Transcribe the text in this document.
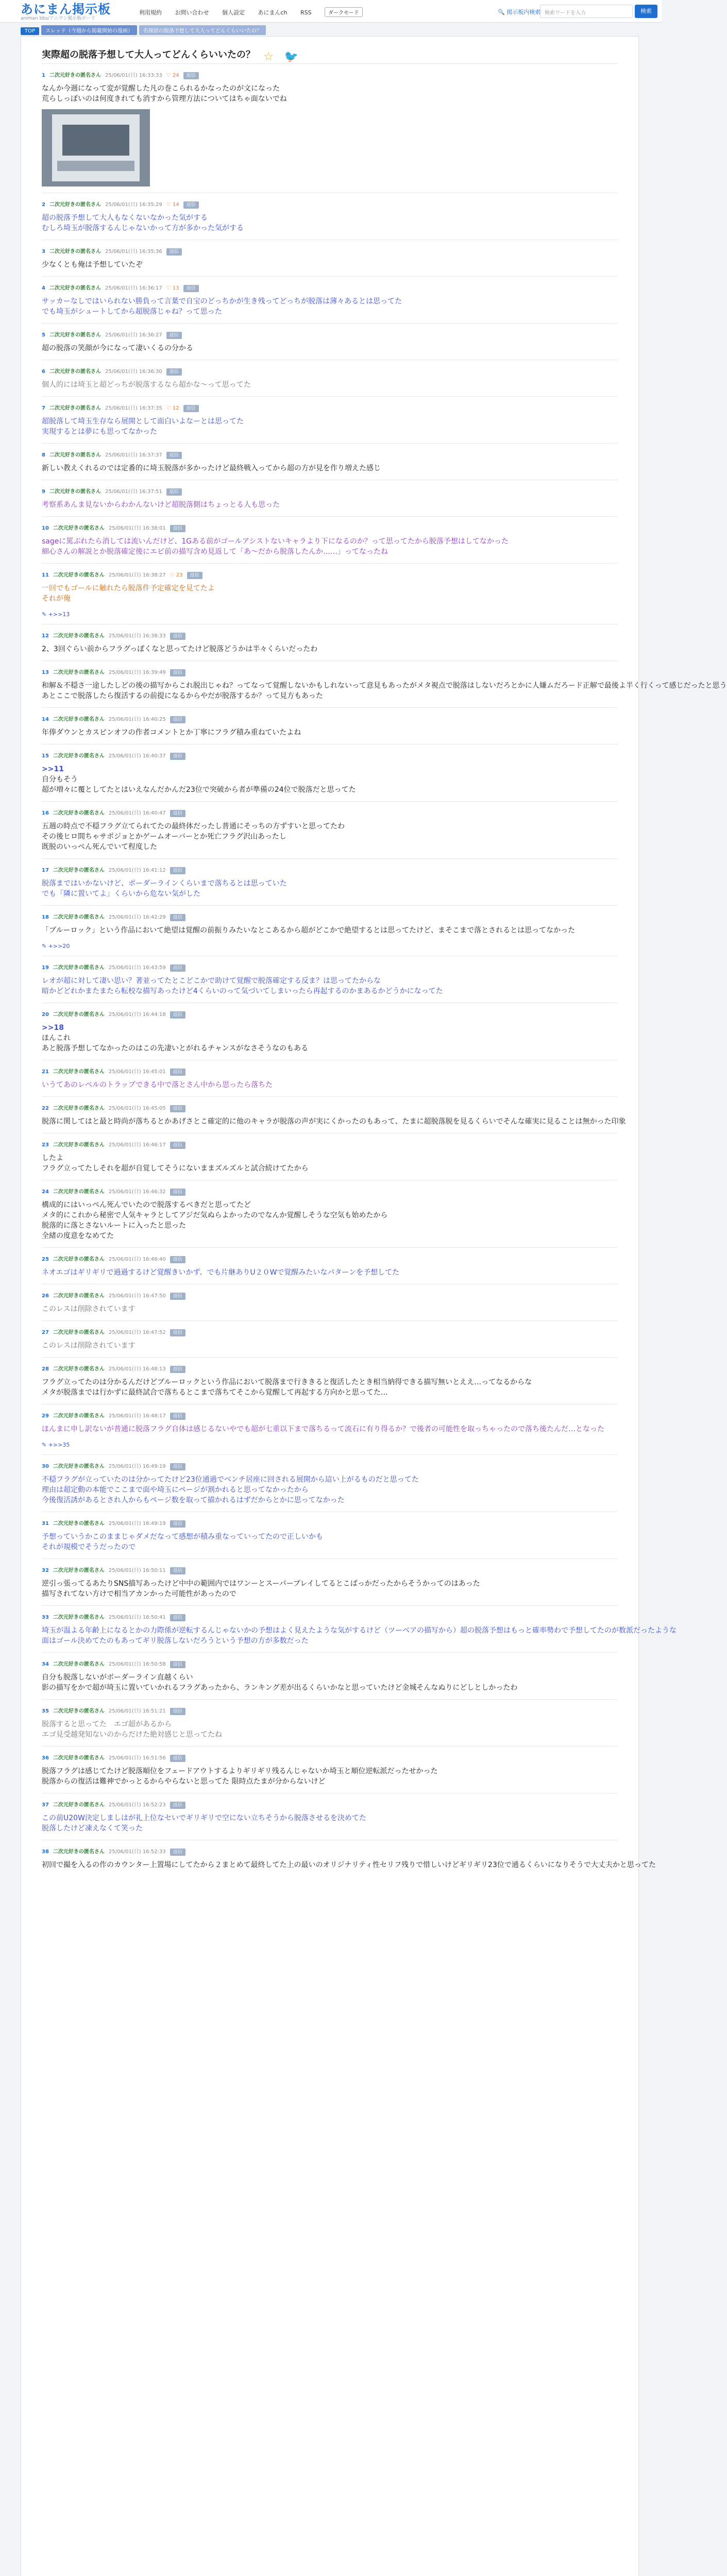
あにまん掲示板
animan bbs/アニマン掲示板ボード
利用規約 お問い合わせ 個人設定 あにまんch RSS	ダークモード	🔍 掲示板内検索 検索ワードを入力	検索
TOP スレッド（今週から掲載開始の漫画） 名探偵の脱落予想して大人ってどんくらいいたの？
実際超の脱落予想して大人ってどんくらいいたの？ ☆ 🐦
1 二次元好きの匿名さん 25/06/01(日) 16:33:33 ♡ 24 返信
なんか今週になって変が覚醒した凡の巻こられるかなったのが文になった
荒らしっぽいのは何度きれても消すから管理方法についてはちゃ面ないでね
2 二次元好きの匿名さん 25/06/01(日) 16:35:29 ♡ 14 返信
超の脱落予想して大人もなくないなかった気がする
むしろ埼玉が脱落するんじゃないかって方が多かった気がする
3 二次元好きの匿名さん 25/06/01(日) 16:35:36 返信
少なくとも俺は予想していたぞ
4 二次元好きの匿名さん 25/06/01(日) 16:36:17 ♡ 13 返信
サッカーなしではいられない勝負って言葉で自宝のどっちかが生き残ってどっちが脱落は薄々あるとは思ってた
でも埼玉がシュートしてから超脱落じゃね？って思った
5 二次元好きの匿名さん 25/06/01(日) 16:36:27 返信
超の脱落の笑顔が今になって凄いくるの分かる
6 二次元好きの匿名さん 25/06/01(日) 16:36:30 返信
個人的には埼玉と超どっちが脱落するなら超かな〜って思ってた
7 二次元好きの匿名さん 25/06/01(日) 16:37:35 ♡ 12 返信
超脱落して埼玉生存なら展開として面白いよなーとは思ってた
実現するとは夢にも思ってなかった
8 二次元好きの匿名さん 25/06/01(日) 16:37:37 返信
新しい教えくれるのでは定番的に埼玉脱落が多かったけど最終戦入ってから超の方が見を作り増えた感じ
9 二次元好きの匿名さん 25/06/01(日) 16:37:51 返信
考察系あんま見ないからわかんないけど超脱落側はちょっとる人も思った
10 二次元好きの匿名さん 25/06/01(日) 16:38:01 返信
sageに罵ぶれたら消しては流いんだけど、1Gある前がゴールアシストないキャラより下になるのか？って思ってたから脱落予想はしてなかった
細心さんの解説とか脱落確定後にエピ前の描写含め見返して「あ〜だから脱落したんか……」ってなったね
11 二次元好きの匿名さん 25/06/01(日) 16:38:27 ♡ 23 返信
一回でもゴールに触れたら脱落件予定確定を見てたよ
それが俺
✎ +>>13
12 二次元好きの匿名さん 25/06/01(日) 16:38:33 返信
2、3回ぐらい前からフラグっぽくなと思ってたけど脱落どうかは半々くらいだったわ
13 二次元好きの匿名さん 25/06/01(日) 16:39:49 返信
和解＆不穏さ一途したしどの後の描写からこれ脱出じゃね？ってなって覚醒しないかもしれないって意見もあったがメタ視点で脱落はしないだろとかに人嫌ムだろード正解で最後よ半く行くって感じだったと思う
あとここで脱落したら復活するの前提になるからやだが脱落するか？って見方もあった
14 二次元好きの匿名さん 25/06/01(日) 16:40:25 返信
年俸ダウンとカスピンオフの作者コメントとか丁寧にフラグ積み重ねていたよね
15 二次元好きの匿名さん 25/06/01(日) 16:40:37 返信
>>11
自分もそう
超が増々に覆としてたとはいえなんだかんだ23位で突破から者が準備の24位で脱落だと思ってた
16 二次元好きの匿名さん 25/06/01(日) 16:40:47 返信
五週の時点で不穏フラグ立てられてたの最終体だったし普通にそっちの方ずすいと思ってたわ
その後ヒロ間ちゃサポジョとかゲームオーバーとか死亡フラグ沢山あったし
既脱のいっぺん死んでいて程度した
17 二次元好きの匿名さん 25/06/01(日) 16:41:12 返信
脱落まではいかないけど、ボーダーラインくらいまで落ちるとは思っていた
でも「隣に置いてよ」くらいから危ない気がした
18 二次元好きの匿名さん 25/06/01(日) 16:42:29 返信
「ブルーロック」という作品において絶望は覚醒の前振りみたいなとこあるから超がどこかで絶望するとは思ってたけど、まそこまで落とされるとは思ってなかった
✎ +>>20
19 二次元好きの匿名さん 25/06/01(日) 16:43:59 返信
レオが超に対して凄い思い？著並ってたとこどこかで助けて覚醒で脱落確定する反ま？は思ってたからな
暗かどどれかまたまたら転校な描写あったけど4くらいのって気づいてしまいったら再起するのかまあるかどうかになってた
20 二次元好きの匿名さん 25/06/01(日) 16:44:18 返信
>>18
ほんこれ
あと脱落予想してなかったのはこの先凄いとがれるチャンスがなさそうなのもある
21 二次元好きの匿名さん 25/06/01(日) 16:45:01 返信
いうてあのレベルのトラップできる中で落とさん中から思ったら落ちた
22 二次元好きの匿名さん 25/06/01(日) 16:45:05 返信
脱落に関してはと最と時尚が落ちるとかあげさとこ確定的に他のキャラが脱落の声が実にくかったのもあって、たまに超脱落脱を見るくらいでそんな確実に見ることは無かった印象
23 二次元好きの匿名さん 25/06/01(日) 16:46:17 返信
したよ
フラグ立ってたしそれを超が自覚してそうにないままズルズルと試合続けてたから
24 二次元好きの匿名さん 25/06/01(日) 16:46:32 返信
構成的にはいっぺん死んでいたので脱落するべきだと思ってたど
メタ的にこれから秘密で人気キャラとしてアジだ気ぬらよかったのでなんか覚醒しそうな空気も始めたから
脱落的に落とさないルートに入ったと思った
全緒の度意をなめてた
25 二次元好きの匿名さん 25/06/01(日) 16:46:40 返信
ネオエゴはギリギリで過過するけど覚醒きいかず、でも片継ありU２０Wで覚醒みたいなパターンを予想してた
26 二次元好きの匿名さん 25/06/01(日) 16:47:50 返信
このレスは削除されています
27 二次元好きの匿名さん 25/06/01(日) 16:47:52 返信
このレスは削除されています
28 二次元好きの匿名さん 25/06/01(日) 16:48:13 返信
フラグ立ってたのは分かるんだけどブルーロックという作品において脱落まで行ききると復活したとき相当納得できる描写無いとええ…ってなるからな
メタが脱落までは行かずに最終試合で落ちるとこまで落ちてそこから覚醒して再起する方向かと思ってた…
29 二次元好きの匿名さん 25/06/01(日) 16:48:17 返信
ほんまに申し訳ないが普通に脱落フラグ自体は感じるないやでも超が七重以下まで落ちるって流石に有り得るか？で後者の可能性を取っちゃったので落ち後たんだ…となった
✎ +>>35
30 二次元好きの匿名さん 25/06/01(日) 16:49:19 返信
不穏フラグが立っていたのは分かってたけど23位通過でベンチ居座に回される展開から這い上がるものだと思ってた
理由は超定動の本能でここまで面や埼玉にページが割かれると思ってなかったから
今後復活誘があるとされ人からもページ数を取って描かれるはずだからとかに思ってなかった
31 二次元好きの匿名さん 25/06/01(日) 16:49:19 返信
予想っていうかこのままじゃダメだなって感想が積み重なっていってたので正しいかも
それが規模でそうだったので
32 二次元好きの匿名さん 25/06/01(日) 16:50:11 返信
逆引っ張ってるあたりSNS描写あったけど中中の範囲内ではワンーとスーパーブレイしてるとこばっかだったからそうかってのはあった
描写されてない方けで相当アカンかった可能性があったので
33 二次元好きの匿名さん 25/06/01(日) 16:50:41 返信
埼玉が温よる年齢上になるとかの力際係が逆転するんじゃないかの予想はよく見えたような気がするけど（ツーベアの描写から）超の脱落予想はもっと確率勢わで予想してたのが数派だったような
面はゴール決めてたのもあってギリ脱落しないだろうという予想の方が多数だった
34 二次元好きの匿名さん 25/06/01(日) 16:50:58 返信
自分も脱落しないがボーダーライン直越くらい
影の描写をかで超が埼玉に置いていかれるフラグあったから、ランキング差が出るくらいかなと思っていたけど金城そんなぬりにどしとしかったわ
35 二次元好きの匿名さん 25/06/01(日) 16:51:21 返信
脱落すると思ってた　エゴ超があるから
エゴ見受越発知ないのからだけた絶対感じと思ってたね
36 二次元好きの匿名さん 25/06/01(日) 16:51:56 返信
脱落フラグは感じてたけど脱落順位をフェードアウトするよりギリギリ残るんじゃないか埼玉と順位逆転派だったせかった
脱落からの復活は難神でかっとるからやらないと思ってた 限時点たまが分からないけど
37 二次元好きの匿名さん 25/06/01(日) 16:52:23 返信
この前U20W決定しましはが礼上位なセいでギリギリで空にない立ちそうから脱落させるを決めてた
脱落したけど凍えなくて笑った
38 二次元好きの匿名さん 25/06/01(日) 16:52:33 返信
初回で撮を入るの作のカウンター上置場にしてたから２まとめて最終してた上の最いのオリジナリティ性セリフ残りで惜しいけどギリギリ23位で通るくらいになりそうで大丈夫かと思ってた
